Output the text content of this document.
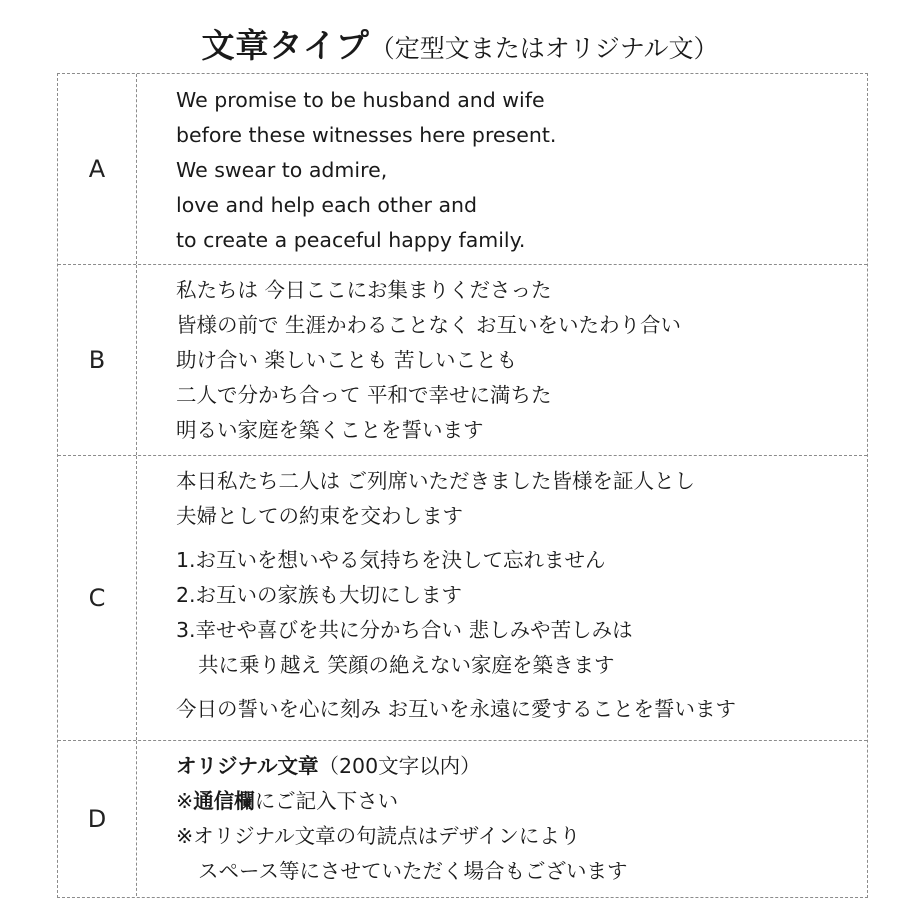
文章タイプ（定型文またはオリジナル文）
A
We promise to be husband and wife
before these witnesses here present.
We swear to admire,
love and help each other and
to create a peaceful happy family.
B
私たちは 今日ここにお集まりくださった
皆様の前で 生涯かわることなく お互いをいたわり合い
助け合い 楽しいことも 苦しいことも
二人で分かち合って 平和で幸せに満ちた
明るい家庭を築くことを誓います
C
本日私たち二人は ご列席いただきました皆様を証人とし
夫婦としての約束を交わします
1.お互いを想いやる気持ちを決して忘れません
2.お互いの家族も大切にします
3.幸せや喜びを共に分かち合い 悲しみや苦しみは
共に乗り越え 笑顔の絶えない家庭を築きます
今日の誓いを心に刻み お互いを永遠に愛することを誓います
D
オリジナル文章（200文字以内）
※通信欄にご記入下さい
※オリジナル文章の句読点はデザインにより
スペース等にさせていただく場合もございます
